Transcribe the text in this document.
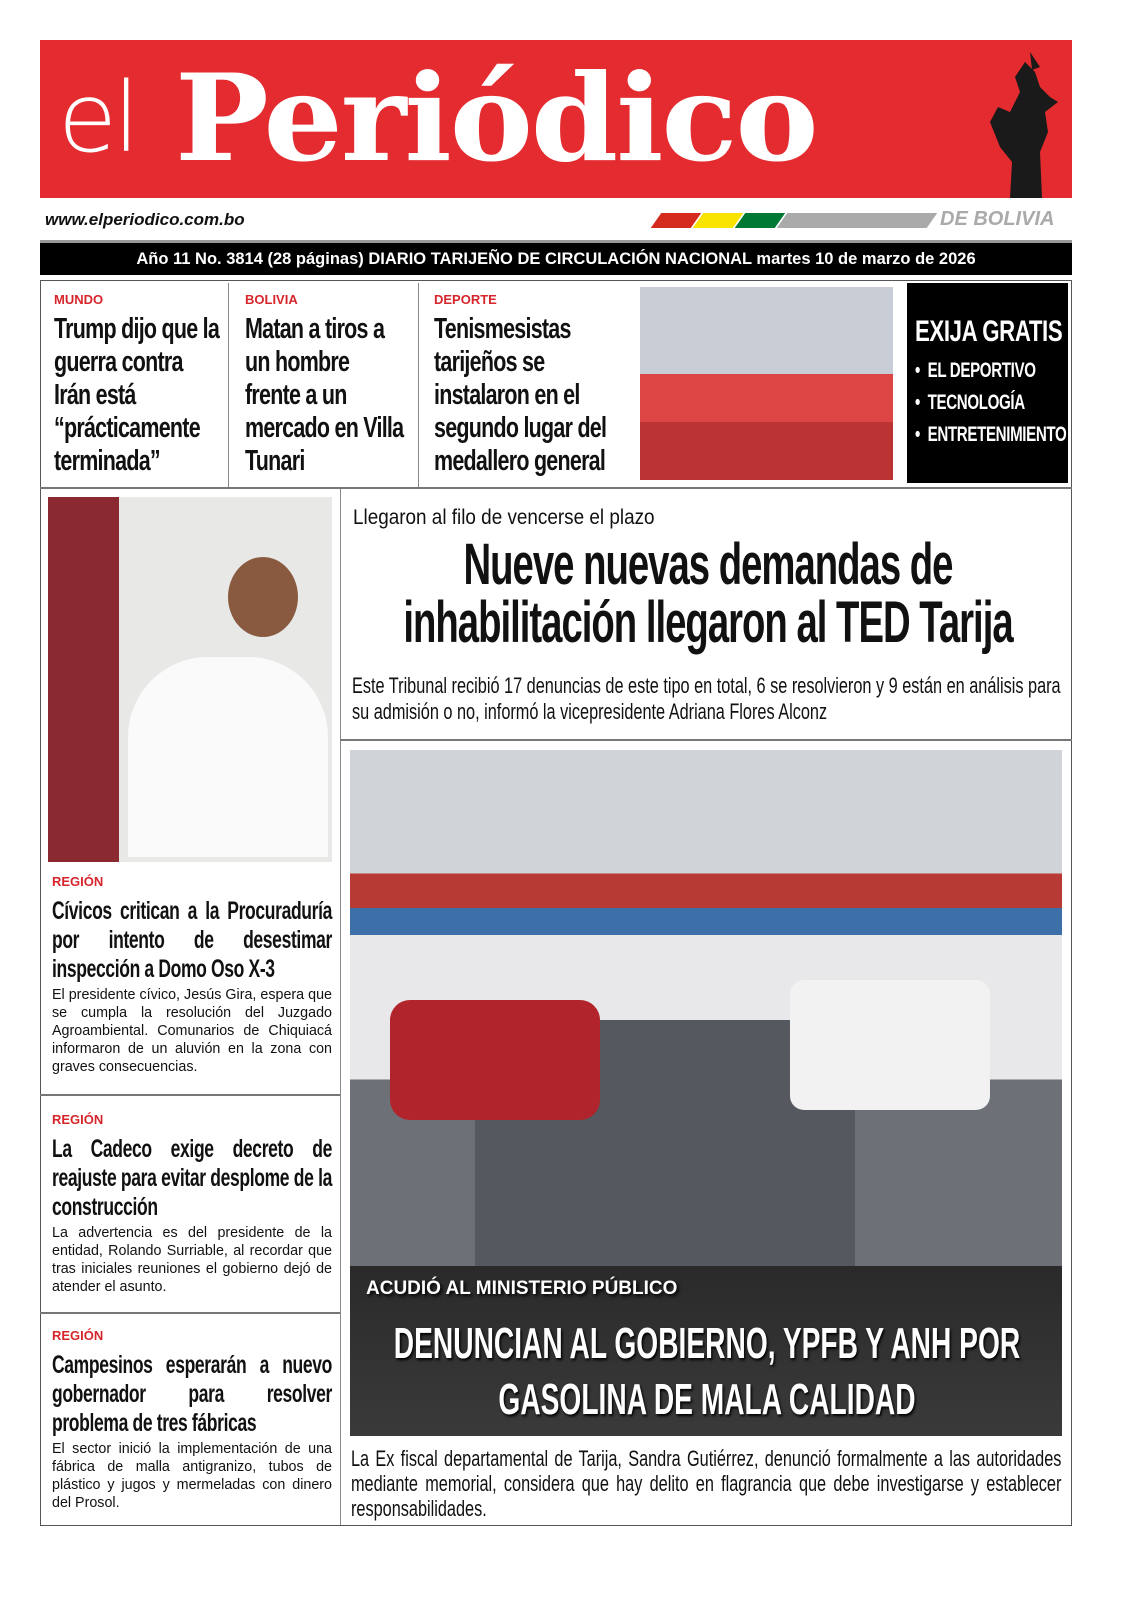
el Periódico
www.elperiodico.com.bo	DE BOLIVIA
Año 11 No. 3814 (28 páginas) DIARIO TARIJEÑO DE CIRCULACIÓN NACIONAL martes 10 de marzo de 2026
MUNDO
Trump dijo que la guerra contra Irán está “prácticamente terminada”
BOLIVIA
Matan a tiros a un hombre frente a un mercado en Villa Tunari
DEPORTE
Tenismesistas tarijeños se instalaron en el segundo lugar del medallero general
EXIJA GRATIS
•  EL DEPORTIVO
•  TECNOLOGÍA
•  ENTRETENIMIENTO
REGIÓN
Cívicos critican a la Procuraduría por intento de desestimar inspección a Domo Oso X-3
El presidente cívico, Jesús Gira, espera que se cumpla la resolución del Juzgado Agroambiental. Comunarios de Chiquiacá informaron de un aluvión en la zona con graves consecuencias.
REGIÓN
La Cadeco exige decreto de reajuste para evitar desplome de la construcción
La advertencia es del presidente de la entidad, Rolando Surriable, al recordar que tras iniciales reuniones el gobierno dejó de atender el asunto.
REGIÓN
Campesinos esperarán a nuevo gobernador para resolver problema de tres fábricas
El sector inició la implementación de una fábrica de malla antigranizo, tubos de plástico y jugos y mermeladas con dinero del Prosol.
Llegaron al filo de vencerse el plazo
Nueve nuevas demandas de inhabilitación llegaron al TED Tarija
Este Tribunal recibió 17 denuncias de este tipo en total, 6 se resolvieron y 9 están en análisis para su admisión o no, informó la vicepresidente Adriana Flores Alconz
ACUDIÓ AL MINISTERIO PÚBLICO
DENUNCIAN AL GOBIERNO, YPFB Y ANH POR GASOLINA DE MALA CALIDAD
La Ex fiscal departamental de Tarija, Sandra Gutiérrez, denunció formalmente a las autoridades mediante memorial, considera que hay delito en flagrancia que debe investigarse y establecer responsabilidades.
